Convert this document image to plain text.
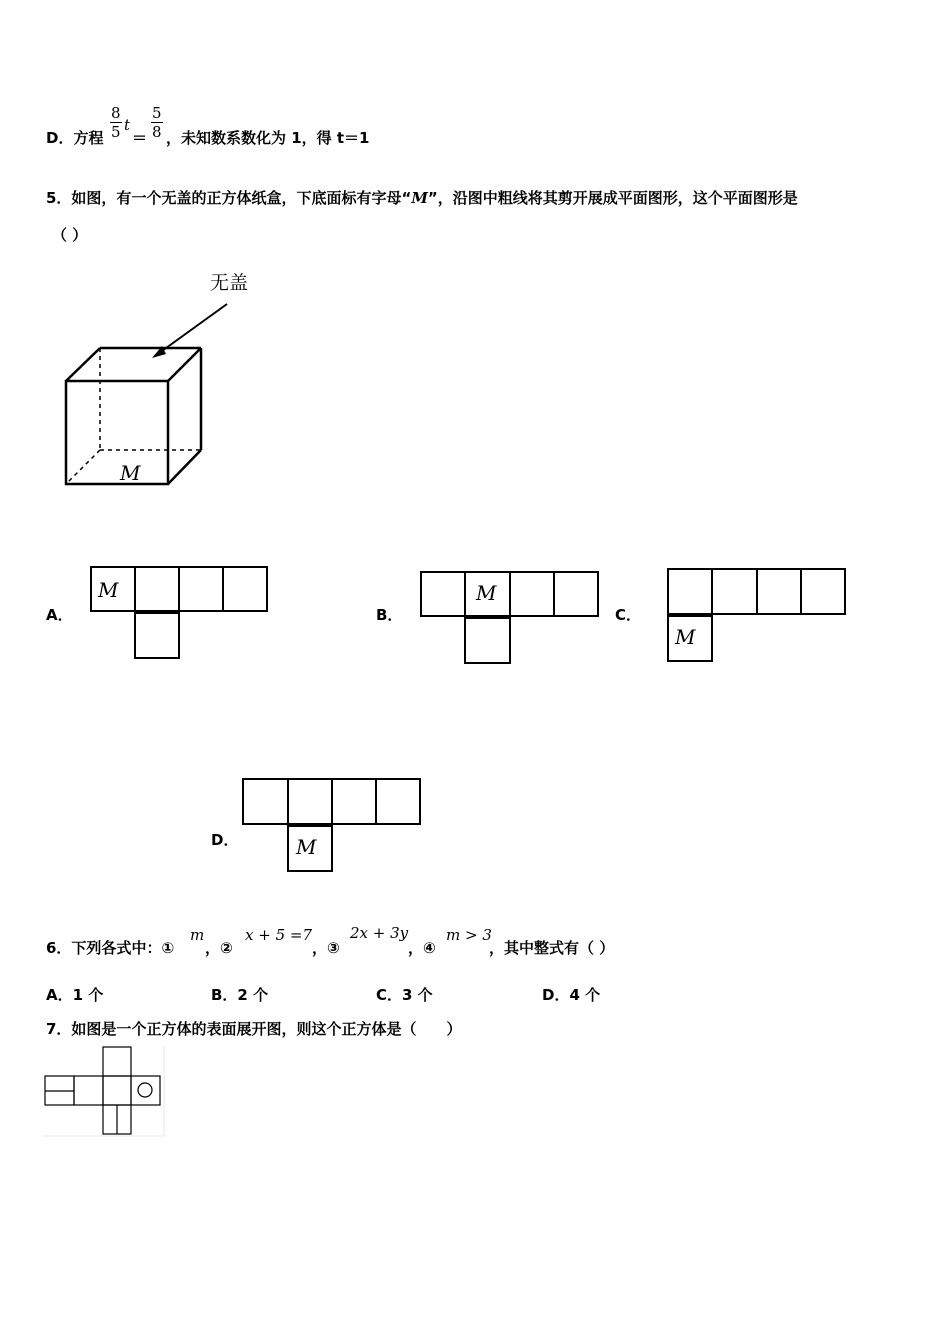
D．方程 $\frac{8}{5}$ t
＝ $\frac{5}{8}$ ，未知数系数化为 1，得 t＝1
5．如图，有一个无盖的正方体纸盒，下底面标有字母“M”，沿图中粗线将其剪开展成平面图形，这个平面图形是
（ ）
无盖
M
A．
M
B．
M
C．
M
D．	M
6．下列各式中：①
m
，②
x + 5 =7
，③
2x + 3y
，④
m > 3
，其中整式有（ ）
A．1 个	B．2 个	C．3 个	D．4 个
7．如图是一个正方体的表面展开图，则这个正方体是（　　）
